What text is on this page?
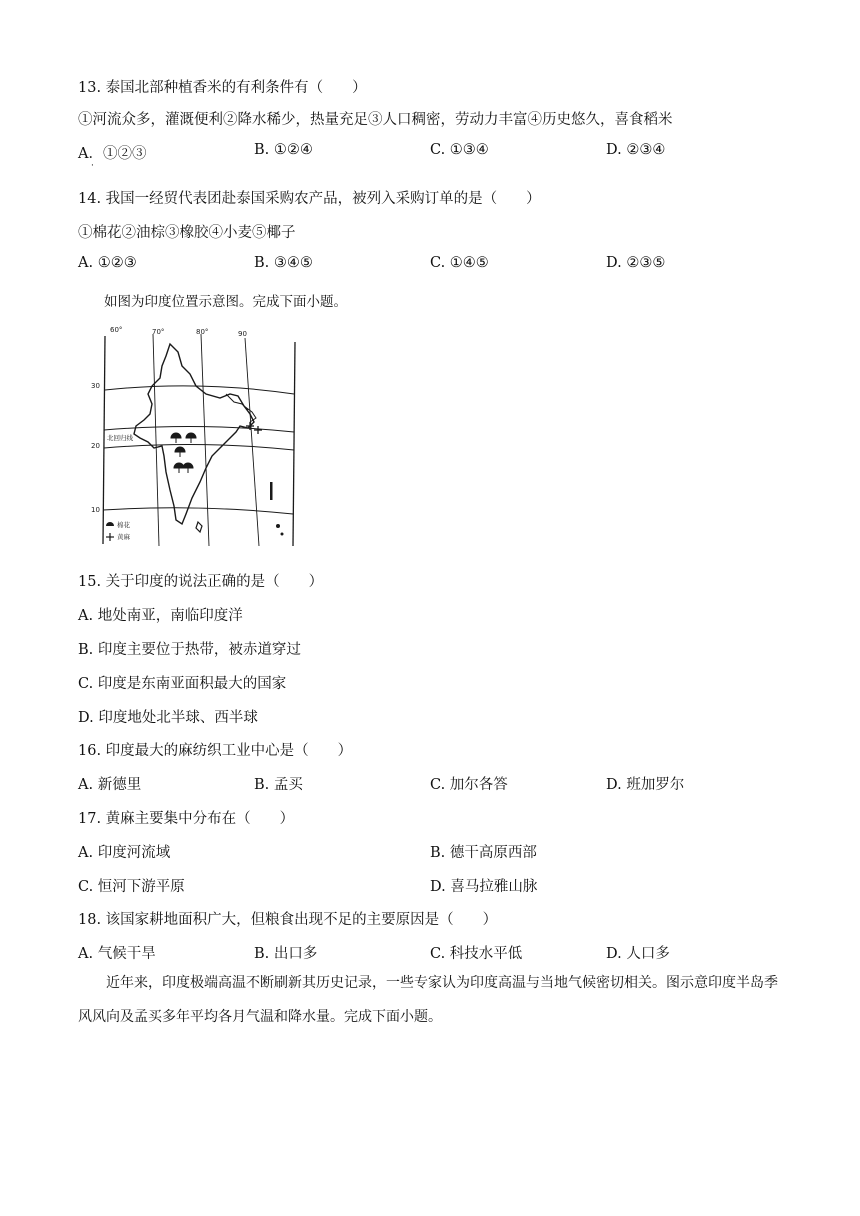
13. 泰国北部种植香米的有利条件有（　　）
①河流众多，灌溉便利②降水稀少，热量充足③人口稠密，劳动力丰富④历史悠久，喜食稻米
A．①②③
·
B. ①②④	C. ①③④	D. ②③④
14. 我国一经贸代表团赴泰国采购农产品，被列入采购订单的是（　　）
①棉花②油棕③橡胶④小麦⑤椰子
A. ①②③	B. ③④⑤	C. ①④⑤	D. ②③⑤
如图为印度位置示意图。完成下面小题。
60°	70°	80°	90
30
20
10
北回归线
棉花
黄麻
15. 关于印度的说法正确的是（　　）
A. 地处南亚，南临印度洋
B. 印度主要位于热带，被赤道穿过
C. 印度是东南亚面积最大的国家
D. 印度地处北半球、西半球
16. 印度最大的麻纺织工业中心是（　　）
A. 新德里	B. 孟买	C. 加尔各答	D. 班加罗尔
17. 黄麻主要集中分布在（　　）
A. 印度河流域	B. 德干高原西部
C. 恒河下游平原	D. 喜马拉雅山脉
18. 该国家耕地面积广大，但粮食出现不足的主要原因是（　　）
A. 气候干旱	B. 出口多	C. 科技水平低	D. 人口多
近年来，印度极端高温不断刷新其历史记录，一些专家认为印度高温与当地气候密切相关。图示意印度半岛季风风向及孟买多年平均各月气温和降水量。完成下面小题。
